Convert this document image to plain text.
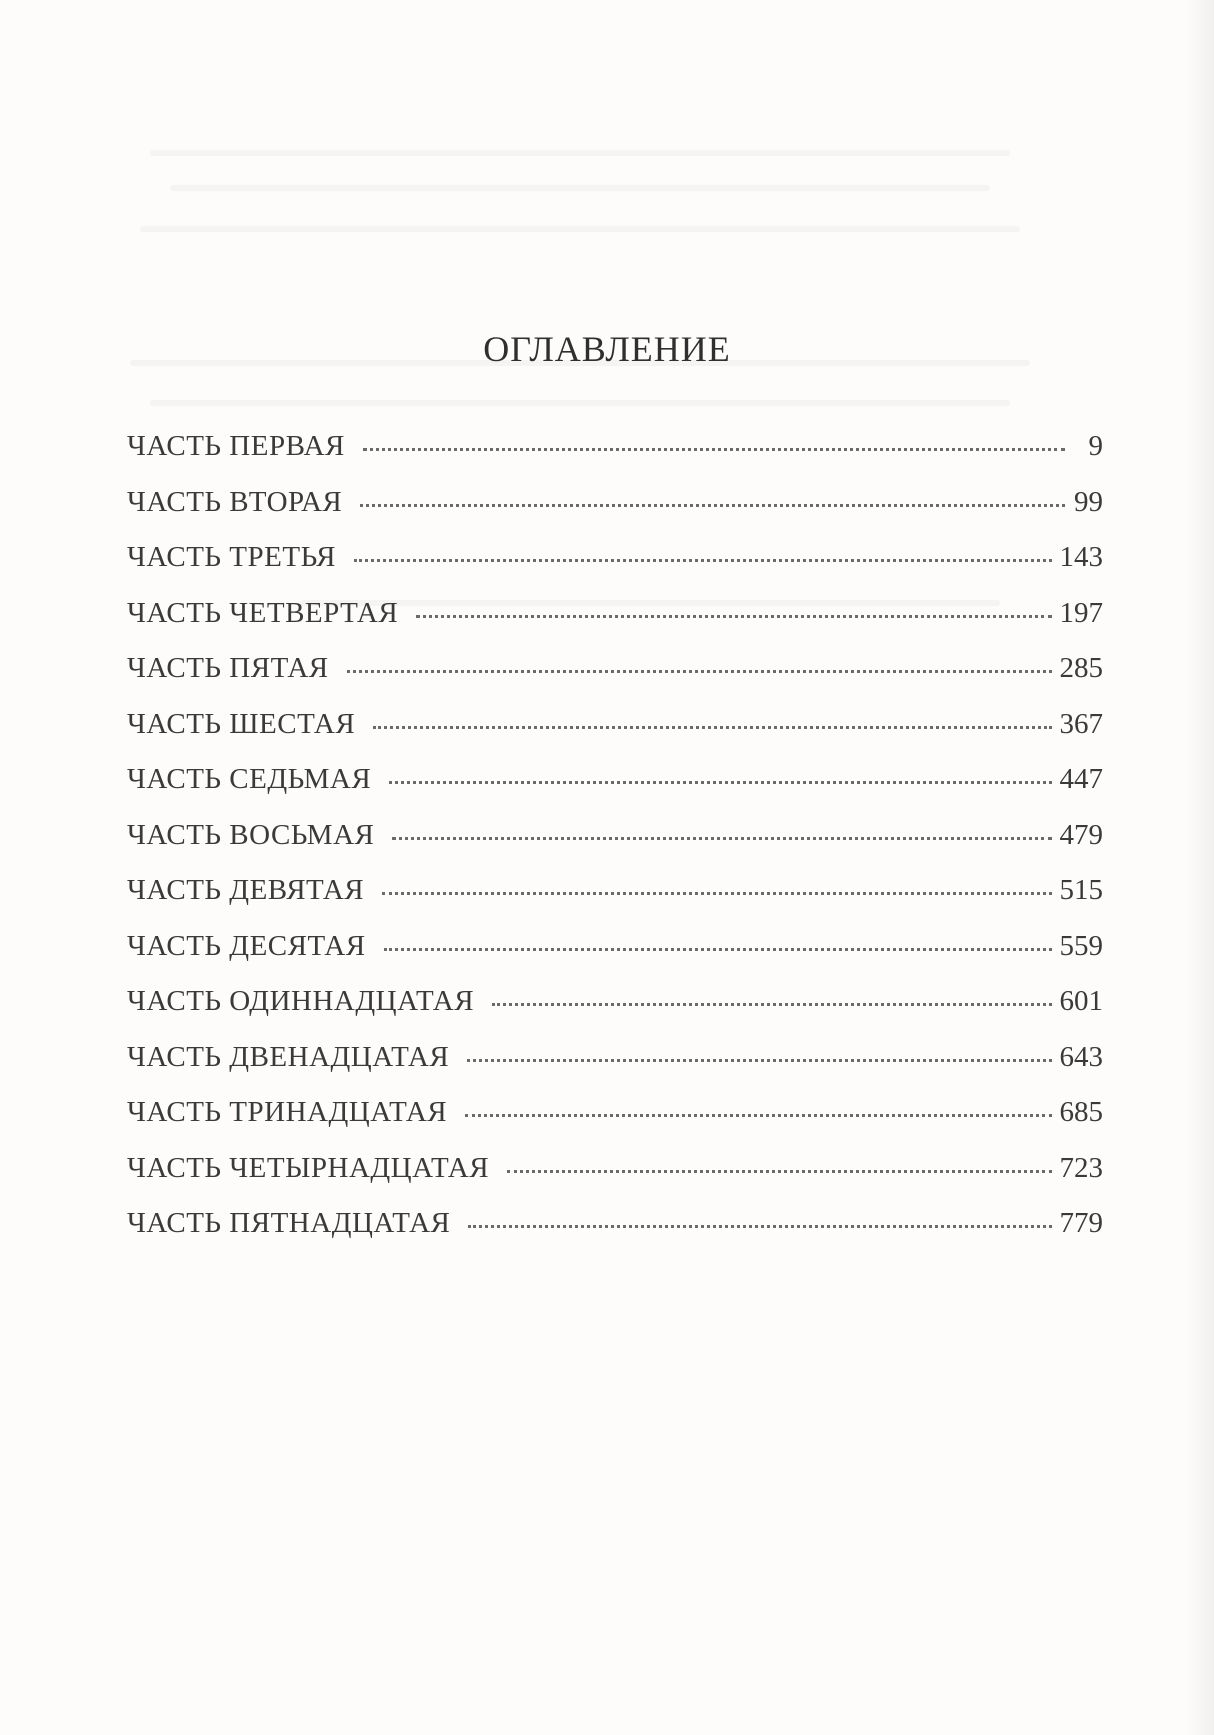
ОГЛАВЛЕНИЕ
ЧАСТЬ ПЕРВАЯ	9
ЧАСТЬ ВТОРАЯ	99
ЧАСТЬ ТРЕТЬЯ	143
ЧАСТЬ ЧЕТВЕРТАЯ	197
ЧАСТЬ ПЯТАЯ	285
ЧАСТЬ ШЕСТАЯ	367
ЧАСТЬ СЕДЬМАЯ	447
ЧАСТЬ ВОСЬМАЯ	479
ЧАСТЬ ДЕВЯТАЯ	515
ЧАСТЬ ДЕСЯТАЯ	559
ЧАСТЬ ОДИННАДЦАТАЯ	601
ЧАСТЬ ДВЕНАДЦАТАЯ	643
ЧАСТЬ ТРИНАДЦАТАЯ	685
ЧАСТЬ ЧЕТЫРНАДЦАТАЯ	723
ЧАСТЬ ПЯТНАДЦАТАЯ	779
